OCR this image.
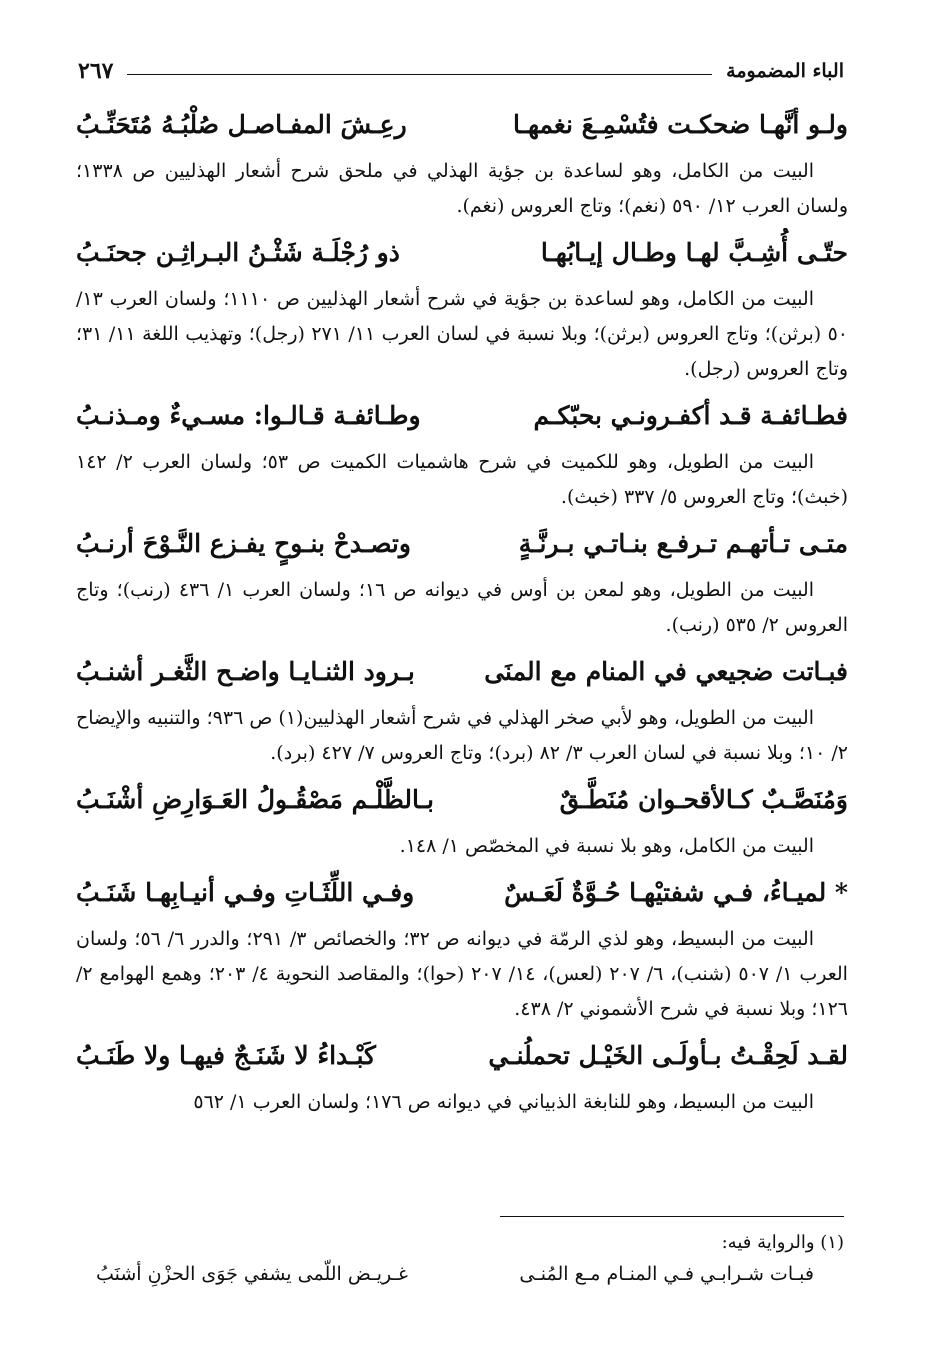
الباء المضمومة
٢٦٧
ولـو أنَّهـا ضحكـت فتُسْمِـعَ نغمهـا
رعِـشَ المفـاصـل صُلْبُـهُ مُتَحَنِّـبُ

البيت من الكامل، وهو لساعدة بن جؤية الهذلي في ملحق شرح أشعار الهذليين ص ١٣٣٨؛ ولسان العرب ١٢/ ٥٩٠ (نغم)؛ وتاج العروس (نغم).

حتّـى أُشِـبَّ لهـا وطـال إيـابُهـا
ذو رُجْلَـة شَثْـنُ البـراثِـن جحنَـبُ

البيت من الكامل، وهو لساعدة بن جؤية في شرح أشعار الهذليين ص ١١١٠؛ ولسان العرب ١٣/ ٥٠ (برثن)؛ وتاج العروس (برثن)؛ وبلا نسبة في لسان العرب ١١/ ٢٧١ (رجل)؛ وتهذيب اللغة ١١/ ٣١؛ وتاج العروس (رجل).

فطـائفـة قـد أكفـرونـي بحبّكـم
وطـائفـة قـالـوا: مسـيءٌ ومـذنـبُ

البيت من الطويل، وهو للكميت في شرح هاشميات الكميت ص ٥٣؛ ولسان العرب ٢/ ١٤٢ (خبث)؛ وتاج العروس ٥/ ٣٣٧ (خبث).

متـى تـأتهـم تـرفـع بنـاتـي بـرنَّـةٍ
وتصـدحْ بنـوحٍ يفـزع النَّـوْحَ أرنـبُ

البيت من الطويل، وهو لمعن بن أوس في ديوانه ص ١٦؛ ولسان العرب ١/ ٤٣٦ (رنب)؛ وتاج العروس ٢/ ٥٣٥ (رنب).

فبـاتت ضجيعي في المنام مع المنَى
بـرود الثنـايـا واضـح الثَّغـر أشنـبُ

البيت من الطويل، وهو لأبي صخر الهذلي في شرح أشعار الهذليين(١) ص ٩٣٦؛ والتنبيه والإيضاح ٢/ ١٠؛ وبلا نسبة في لسان العرب ٣/ ٨٢ (برد)؛ وتاج العروس ٧/ ٤٢٧ (برد).

وَمُنَصَّـبٌ كـالأقحـوان مُنَطَّـقٌ
بـالظَّلْـم مَصْقُـولُ العَـوَارِضِ أشْنَـبُ

البيت من الكامل، وهو بلا نسبة في المخصّص ١/ ١٤٨.

* لميـاءُ، فـي شفتيْهـا حُـوَّةٌ لَعَـسٌ
وفـي اللِّثَـاتِ وفـي أنيـابِهـا شَنَـبُ

البيت من البسيط، وهو لذي الرمّة في ديوانه ص ٣٢؛ والخصائص ٣/ ٢٩١؛ والدرر ٦/ ٥٦؛ ولسان العرب ١/ ٥٠٧ (شنب)، ٦/ ٢٠٧ (لعس)، ١٤/ ٢٠٧ (حوا)؛ والمقاصد النحوية ٤/ ٢٠٣؛ وهمع الهوامع ٢/ ١٢٦؛ وبلا نسبة في شرح الأشموني ٢/ ٤٣٨.

لقـد لَحِقْـتُ بـأولَـى الخَيْـل تحملُنـي
كَبْـداءُ لا شَنَـجٌ فيهـا ولا طَنَـبُ

البيت من البسيط، وهو للنابغة الذبياني في ديوانه ص ١٧٦؛ ولسان العرب ١/ ٥٦٢

(١) والرواية فيه:
فبـات شـرابـي فـي المنـام مـع المُنـى
غـريـض اللّمى يشفي جَوَى الحزْنِ أشنَبُ
